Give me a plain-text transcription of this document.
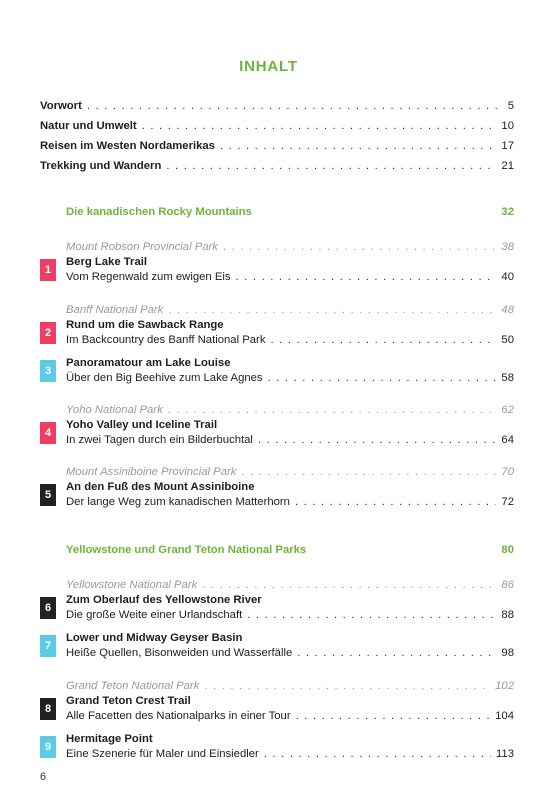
INHALT
Vorwort . . .	5
Natur und Umwelt . . .	10
Reisen im Westen Nordamerikas . . .	17
Trekking und Wandern . . .	21
Die kanadischen Rocky Mountains	32
Mount Robson Provincial Park . . .	38
1
Berg Lake Trail
Vom Regenwald zum ewigen Eis . . .	40
Banff National Park . . .	48
2
Rund um die Sawback Range
Im Backcountry des Banff National Park . . .	50
3
Panoramatour am Lake Louise
Über den Big Beehive zum Lake Agnes . . .	58
Yoho National Park . . .	62
4
Yoho Valley und Iceline Trail
In zwei Tagen durch ein Bilderbuchtal . . .	64
Mount Assiniboine Provincial Park . . .	70
5
An den Fuß des Mount Assiniboine
Der lange Weg zum kanadischen Matterhorn . . .	72
Yellowstone und Grand Teton National Parks	80
Yellowstone National Park . . .	86
6
Zum Oberlauf des Yellowstone River
Die große Weite einer Urlandschaft . . .	88
7
Lower und Midway Geyser Basin
Heiße Quellen, Bisonweiden und Wasserfälle . . .	98
Grand Teton National Park . . .	102
8
Grand Teton Crest Trail
Alle Facetten des Nationalparks in einer Tour . . .	104
9
Hermitage Point
Eine Szenerie für Maler und Einsiedler . . .	113
6
